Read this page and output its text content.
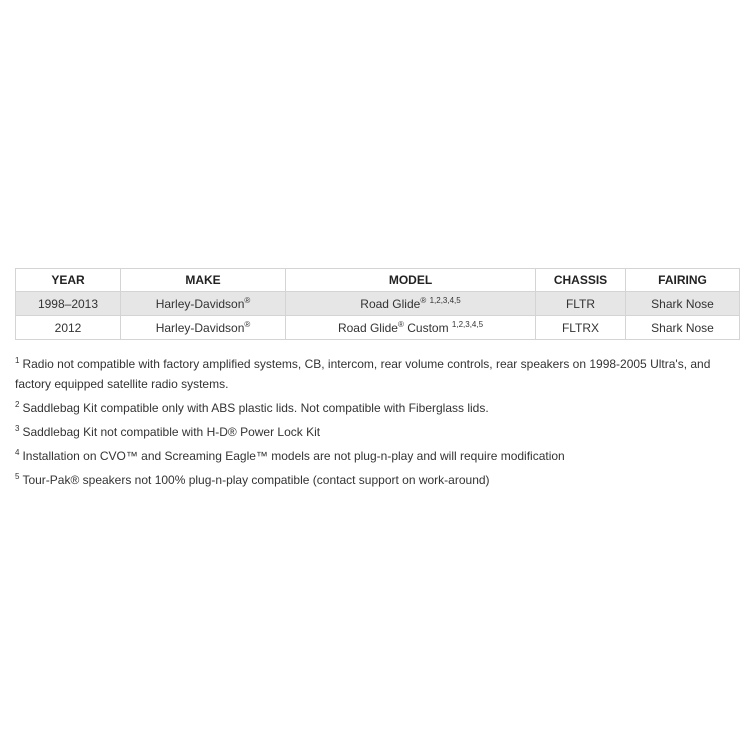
YEAR	MAKE	MODEL	CHASSIS	FAIRING
1998–2013	Harley-Davidson®	Road Glide® $^{1,2,3,4,5}$	FLTR	Shark Nose
2012	Harley-Davidson®	Road Glide® Custom $^{1,2,3,4,5}$	FLTRX	Shark Nose
$^1$ Radio not compatible with factory amplified systems, CB, intercom, rear volume controls, rear speakers on 1998-2005 Ultra's, and factory equipped satellite radio systems.
$^2$ Saddlebag Kit compatible only with ABS plastic lids. Not compatible with Fiberglass lids.
$^3$ Saddlebag Kit not compatible with H-D® Power Lock Kit
$^4$ Installation on CVO™ and Screaming Eagle™ models are not plug-n-play and will require modification
$^5$ Tour-Pak® speakers not 100% plug-n-play compatible (contact support on work-around)
